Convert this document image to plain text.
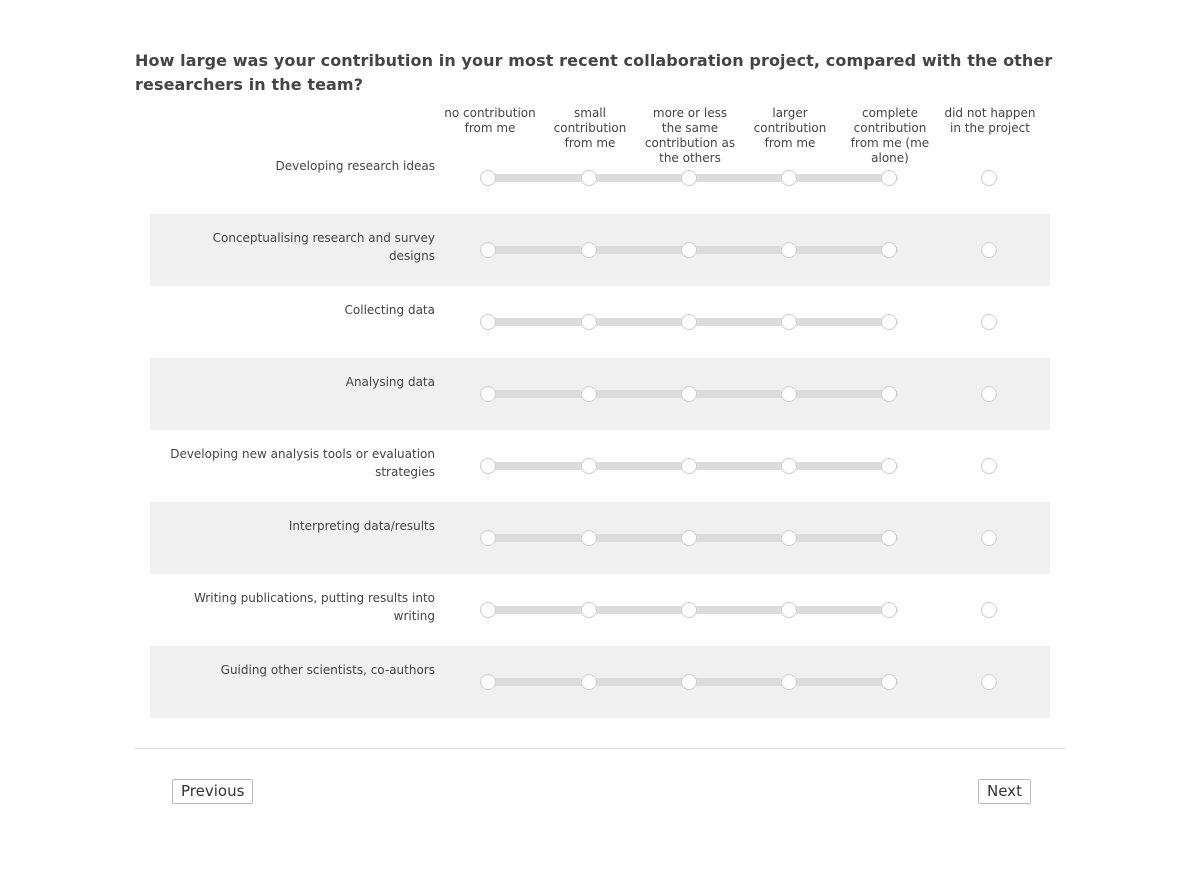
How large was your contribution in your most recent collaboration project, compared with the other researchers in the team?
no contribution from me
small contribution from me
more or less the same contribution as the others
larger contribution from me
complete contribution from me (me alone)
did not happen in the project
Developing research ideas
Conceptualising research and survey designs
Collecting data
Analysing data
Developing new analysis tools or evaluation strategies
Interpreting data/results
Writing publications, putting results into writing
Guiding other scientists, co-authors
Previous	Next
